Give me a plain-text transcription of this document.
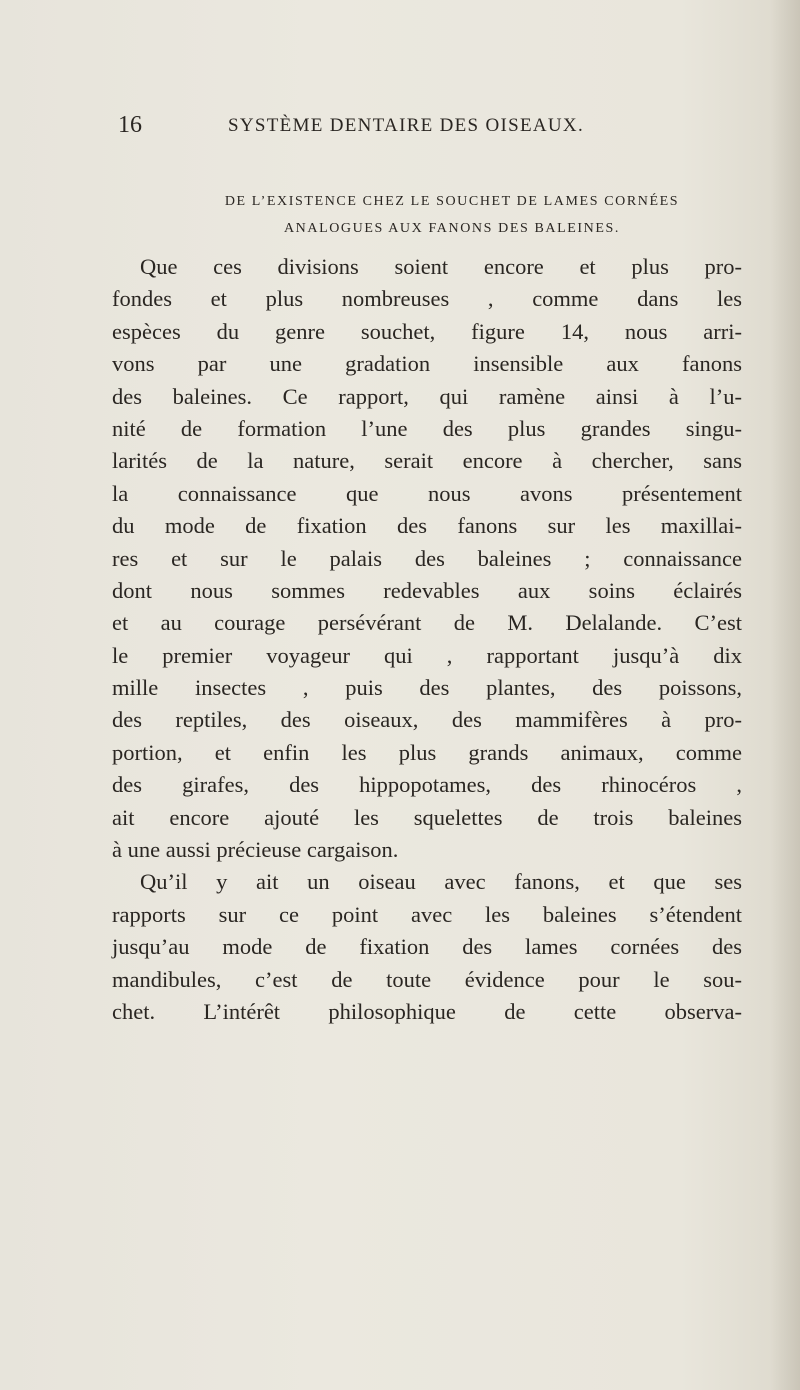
16	SYSTÈME DENTAIRE DES OISEAUX.
DE L’EXISTENCE CHEZ LE SOUCHET DE LAMES CORNÉES
ANALOGUES AUX FANONS DES BALEINES.
Que ces divisions soient encore et plus pro-
fondes et plus nombreuses , comme dans les
espèces du genre souchet, figure 14, nous arri-
vons par une gradation insensible aux fanons
des baleines. Ce rapport, qui ramène ainsi à l’u-
nité de formation l’une des plus grandes singu-
larités de la nature, serait encore à chercher, sans
la connaissance que nous avons présentement
du mode de fixation des fanons sur les maxillai-
res et sur le palais des baleines ; connaissance
dont nous sommes redevables aux soins éclairés
et au courage persévérant de M. Delalande. C’est
le premier voyageur qui , rapportant jusqu’à dix
mille insectes , puis des plantes, des poissons,
des reptiles, des oiseaux, des mammifères à pro-
portion, et enfin les plus grands animaux, comme
des girafes, des hippopotames, des rhinocéros ,
ait encore ajouté les squelettes de trois baleines
à une aussi précieuse cargaison.
Qu’il y ait un oiseau avec fanons, et que ses
rapports sur ce point avec les baleines s’étendent
jusqu’au mode de fixation des lames cornées des
mandibules, c’est de toute évidence pour le sou-
chet. L’intérêt philosophique de cette observa-
